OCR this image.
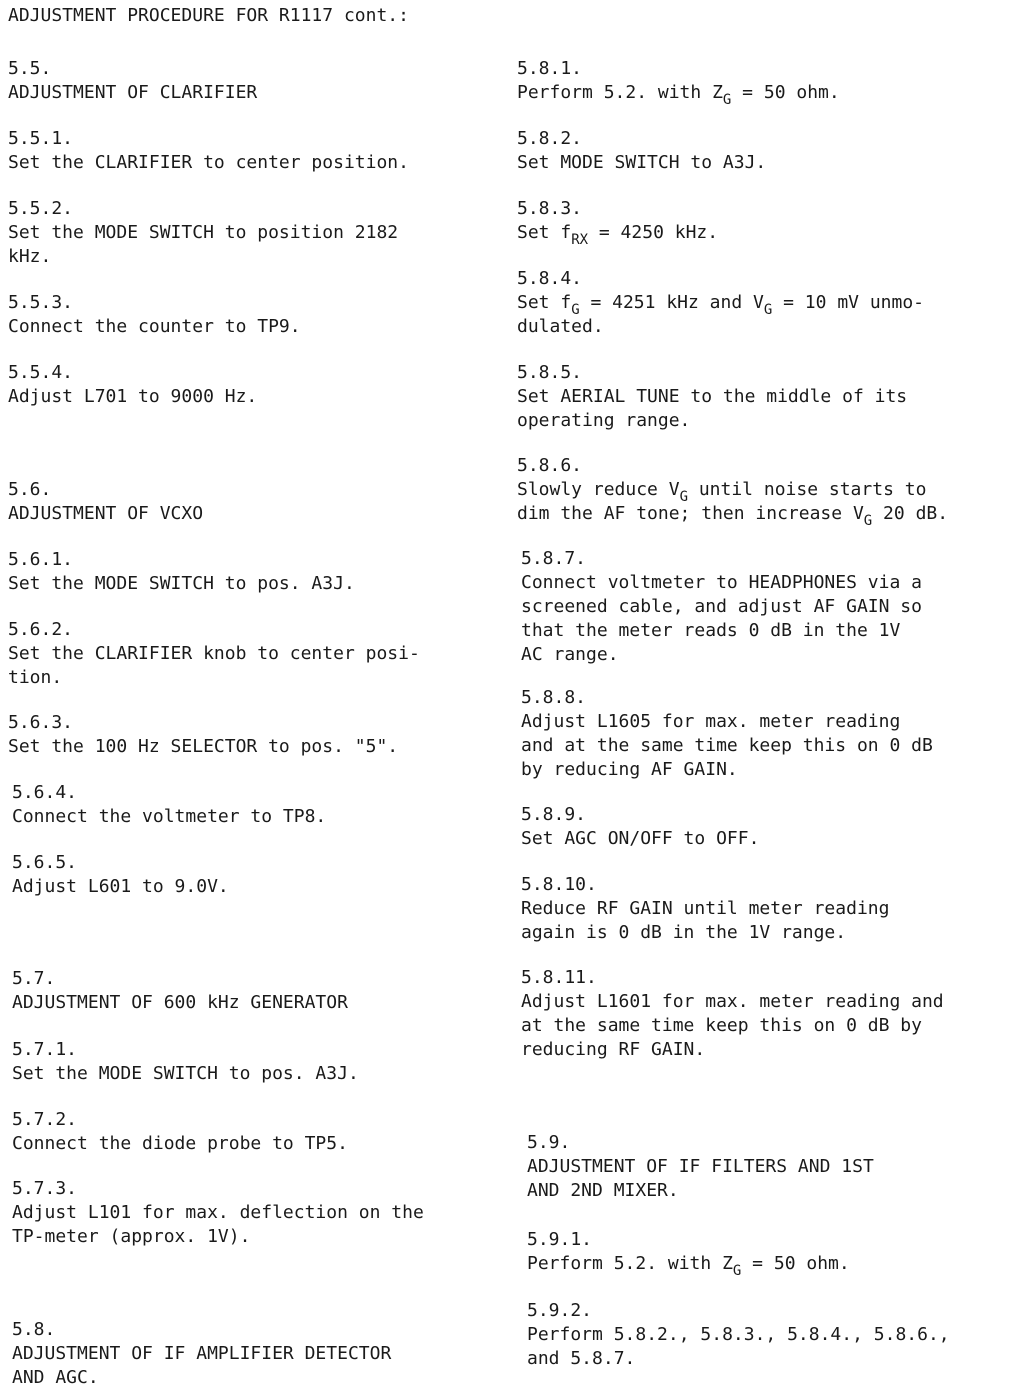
ADJUSTMENT PROCEDURE FOR R1117 cont.:
5.5.
ADJUSTMENT OF CLARIFIER
5.5.1.
Set the CLARIFIER to center position.
5.5.2.
Set the MODE SWITCH to position 2182
kHz.
5.5.3.
Connect the counter to TP9.
5.5.4.
Adjust L701 to 9000 Hz.
5.6.
ADJUSTMENT OF VCXO
5.6.1.
Set the MODE SWITCH to pos. A3J.
5.6.2.
Set the CLARIFIER knob to center posi-
tion.
5.6.3.
Set the 100 Hz SELECTOR to pos. "5".
5.6.4.
Connect the voltmeter to TP8.
5.6.5.
Adjust L601 to 9.0V.
5.7.
ADJUSTMENT OF 600 kHz GENERATOR
5.7.1.
Set the MODE SWITCH to pos. A3J.
5.7.2.
Connect the diode probe to TP5.
5.7.3.
Adjust L101 for max. deflection on the
TP-meter (approx. 1V).
5.8.
ADJUSTMENT OF IF AMPLIFIER DETECTOR
AND AGC.
5.8.1.
Perform 5.2. with $Z_G = 50$ ohm.
5.8.2.
Set MODE SWITCH to A3J.
5.8.3.
Set $f_{RX} = 4250$ kHz.
5.8.4.
Set $f_G = 4251$ kHz and $V_G = 10$ mV unmo-
dulated.
5.8.5.
Set AERIAL TUNE to the middle of its
operating range.
5.8.6.
Slowly reduce $V_G$ until noise starts to
dim the AF tone; then increase $V_G$ 20 dB.
5.8.7.
Connect voltmeter to HEADPHONES via a
screened cable, and adjust AF GAIN so
that the meter reads 0 dB in the 1V
AC range.
5.8.8.
Adjust L1605 for max. meter reading
and at the same time keep this on 0 dB
by reducing AF GAIN.
5.8.9.
Set AGC ON/OFF to OFF.
5.8.10.
Reduce RF GAIN until meter reading
again is 0 dB in the 1V range.
5.8.11.
Adjust L1601 for max. meter reading and
at the same time keep this on 0 dB by
reducing RF GAIN.
5.9.
ADJUSTMENT OF IF FILTERS AND 1ST
AND 2ND MIXER.
5.9.1.
Perform 5.2. with $Z_G = 50$ ohm.
5.9.2.
Perform 5.8.2., 5.8.3., 5.8.4., 5.8.6.,
and 5.8.7.
